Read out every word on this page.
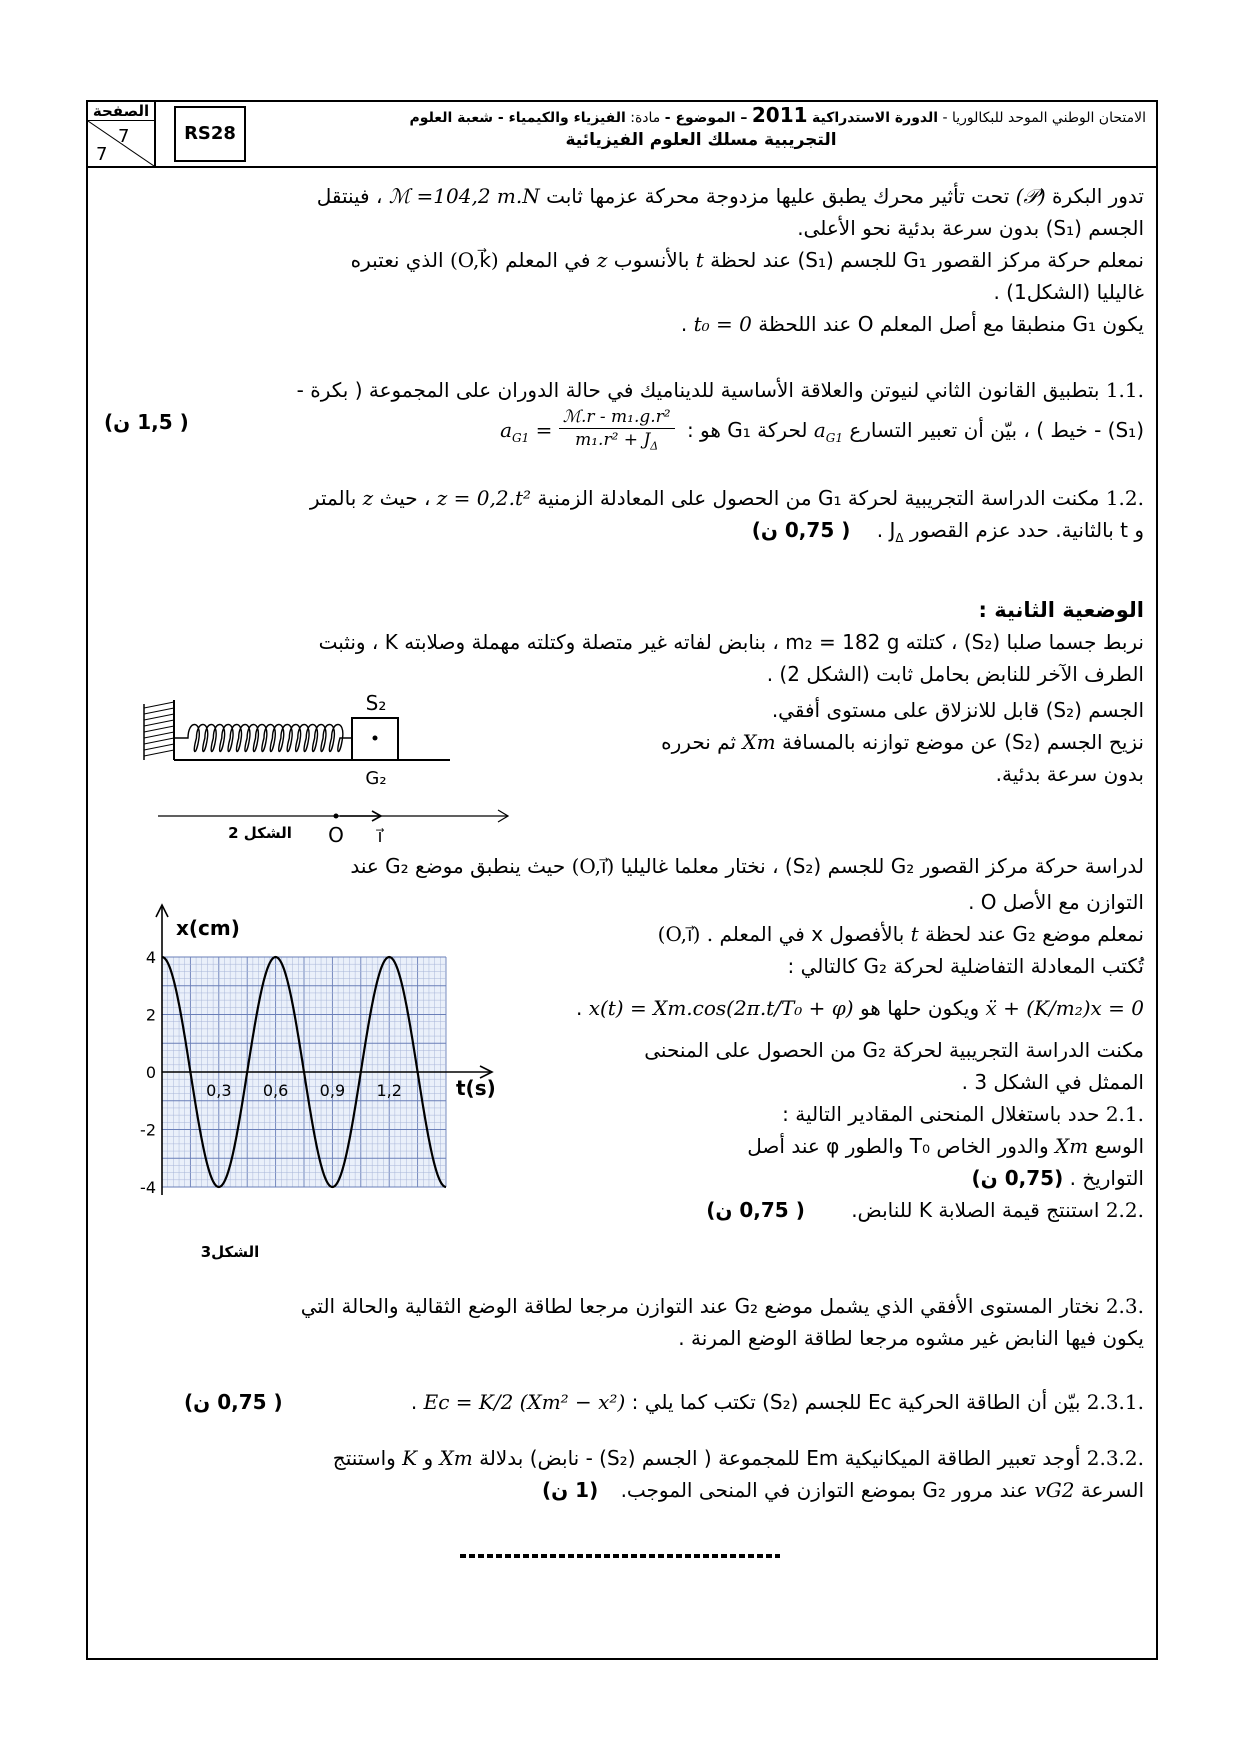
الصفحة
7
7
RS28
الامتحان الوطني الموحد للبكالوريا - الدورة الاستدراكية 2011 – الموضوع - مادة: الفيزياء والكيمياء - شعبة العلوم
التجريبية مسلك العلوم الفيزيائية
تدور البكرة (𝒫) تحت تأثير محرك يطبق عليها مزدوجة محركة عزمها ثابت ℳ =104,2 m.N ، فينتقل
الجسم (S₁) بدون سرعة بدئية نحو الأعلى.
نمعلم حركة مركز القصور G₁ للجسم (S₁) عند لحظة t بالأنسوب z في المعلم (O,k⃗) الذي نعتبره
غاليليا (الشكل1) .
يكون G₁ منطبقا مع أصل المعلم O عند اللحظة t₀ = 0 .
1.1. بتطبيق القانون الثاني لنيوتن والعلاقة الأساسية للديناميك في حالة الدوران على المجموعة ( بكرة -
(S₁) - خيط ) ، بيّن أن تعبير التسارع $a_{G1}$ لحركة G₁ هو : $a_{G1}$ =
ℳ.r - m₁.g.r²
$m_1.r^2 + J_\Delta$
( 1,5 ن)
1.2. مكنت الدراسة التجريبية لحركة G₁ من الحصول على المعادلة الزمنية z = 0,2.t² ، حيث z بالمتر
و t بالثانية. حدد عزم القصور $J_\Delta$ . ( 0,75 ن)
الوضعية الثانية :
نربط جسما صلبا (S₂) ، كتلته m₂ = 182 g ، بنابض لفاته غير متصلة وكتلته مهملة وصلابته K ، ونثبت
الطرف الآخر للنابض بحامل ثابت (الشكل 2) .
الجسم (S₂) قابل للانزلاق على مستوى أفقي.
نزيح الجسم (S₂) عن موضع توازنه بالمسافة Xm ثم نحرره
بدون سرعة بدئية.
S₂
G₂
O i⃗
الشكل 2
لدراسة حركة مركز القصور G₂ للجسم (S₂) ، نختار معلما غاليليا (O,i⃗) حيث ينطبق موضع G₂ عند
التوازن مع الأصل O .
نمعلم موضع G₂ عند لحظة t بالأفصول x في المعلم (O,i⃗) .
تُكتب المعادلة التفاضلية لحركة G₂ كالتالي :
ẍ + (K/m₂)x = 0 ويكون حلها هو x(t) = Xm.cos(2π.t/T₀ + φ) .
مكنت الدراسة التجريبية لحركة G₂ من الحصول على المنحنى
الممثل في الشكل 3 .
2.1. حدد باستغلال المنحنى المقادير التالية :
الوسع Xm والدور الخاص T₀ والطور φ عند أصل
التواريخ . (0,75 ن)
2.2. استنتج قيمة الصلابة K للنابض. ( 0,75 ن)
4
2
0
-2
-4
0,3 0,6 0,9 1,2
x(cm)
t(s)
الشكل3
2.3. نختار المستوى الأفقي الذي يشمل موضع G₂ عند التوازن مرجعا لطاقة الوضع الثقالية والحالة التي
يكون فيها النابض غير مشوه مرجعا لطاقة الوضع المرنة .
2.3.1. بيّن أن الطاقة الحركية Ec للجسم (S₂) تكتب كما يلي : Ec = K/2 (Xm² − x²) .
( 0,75 ن)
2.3.2. أوجد تعبير الطاقة الميكانيكية Em للمجموعة ( الجسم (S₂) - نابض) بدلالة Xm و K واستنتج
السرعة vG2 عند مرور G₂ بموضع التوازن في المنحى الموجب. (1 ن)
